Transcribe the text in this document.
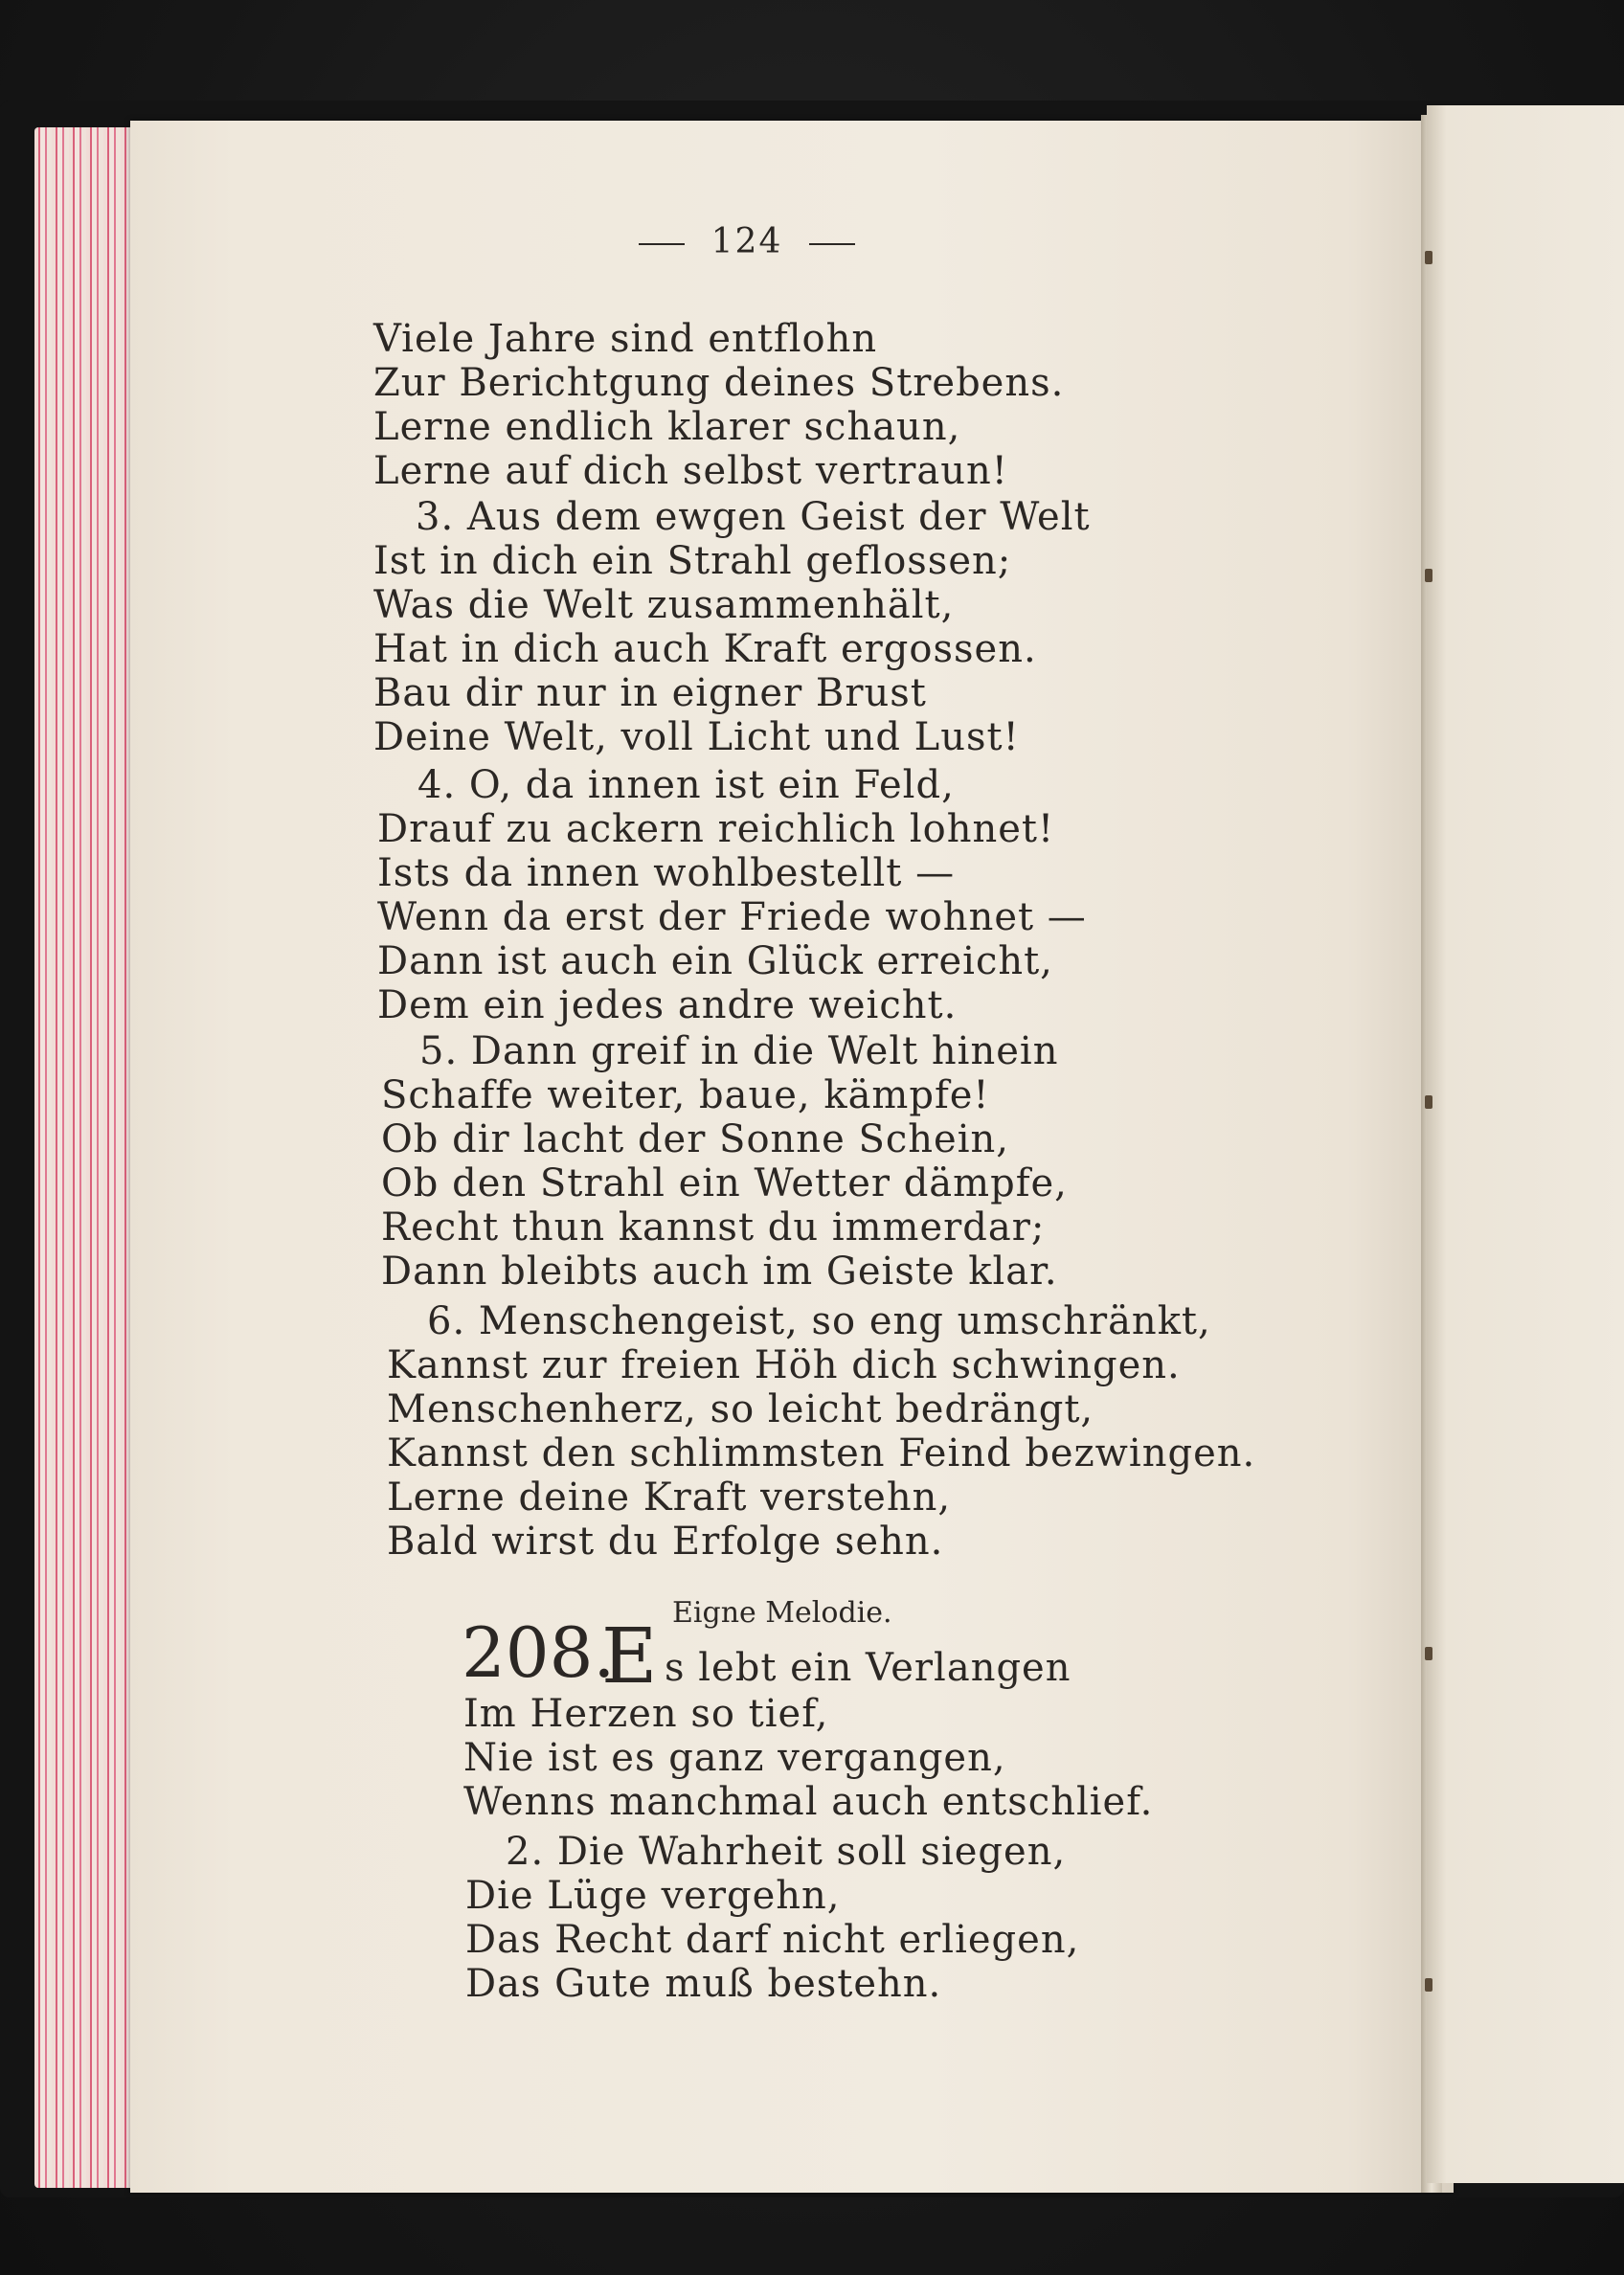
124
Viele Jahre sind entflohn
Zur Berichtgung deines Strebens.
Lerne endlich klarer schaun,
Lerne auf dich selbst vertraun!
3. Aus dem ewgen Geist der Welt
Ist in dich ein Strahl geflossen;
Was die Welt zusammenhält,
Hat in dich auch Kraft ergossen.
Bau dir nur in eigner Brust
Deine Welt, voll Licht und Lust!
4. O, da innen ist ein Feld,
Drauf zu ackern reichlich lohnet!
Ists da innen wohlbestellt —
Wenn da erst der Friede wohnet —
Dann ist auch ein Glück erreicht,
Dem ein jedes andre weicht.
5. Dann greif in die Welt hinein
Schaffe weiter, baue, kämpfe!
Ob dir lacht der Sonne Schein,
Ob den Strahl ein Wetter dämpfe,
Recht thun kannst du immerdar;
Dann bleibts auch im Geiste klar.
6. Menschengeist, so eng umschränkt,
Kannst zur freien Höh dich schwingen.
Menschenherz, so leicht bedrängt,
Kannst den schlimmsten Feind bezwingen.
Lerne deine Kraft verstehn,
Bald wirst du Erfolge sehn.
Eigne Melodie.
208.
E s lebt ein Verlangen
Im Herzen so tief,
Nie ist es ganz vergangen,
Wenns manchmal auch entschlief.
2. Die Wahrheit soll siegen,
Die Lüge vergehn,
Das Recht darf nicht erliegen,
Das Gute muß bestehn.
